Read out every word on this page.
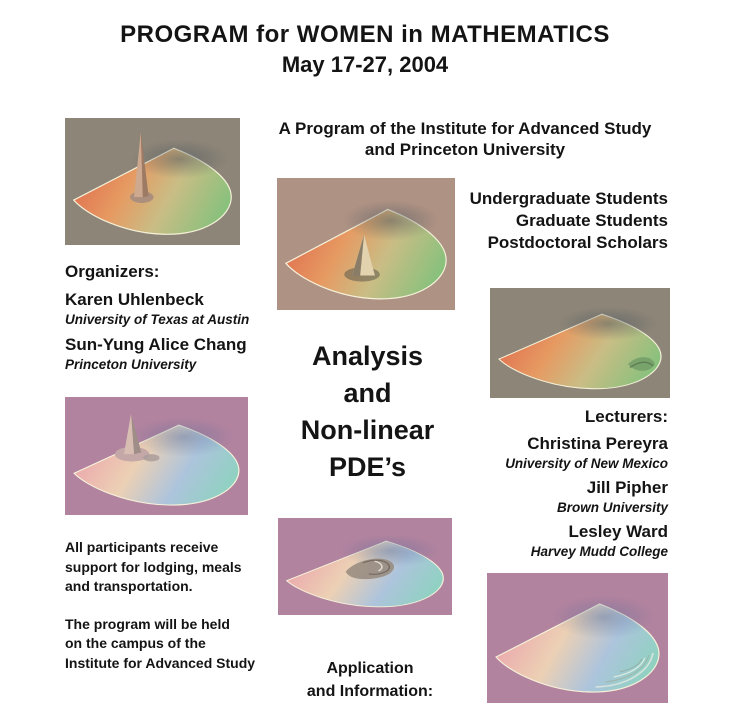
PROGRAM for WOMEN in MATHEMATICS
May 17-27, 2004
A Program of the Institute for Advanced Study
and Princeton University
Undergraduate Students
Graduate Students
Postdoctoral Scholars
Organizers:
Karen Uhlenbeck
University of Texas at Austin
Sun-Yung Alice Chang
Princeton University	Analysis
and
Non-linear
PDE’s
Lecturers:
Christina Pereyra
University of New Mexico
Jill Pipher
Brown University
Lesley Ward
Harvey Mudd College
All participants receive
support for lodging, meals
and transportation.
The program will be held
on the campus of the
Institute for Advanced Study	Application
and Information:
